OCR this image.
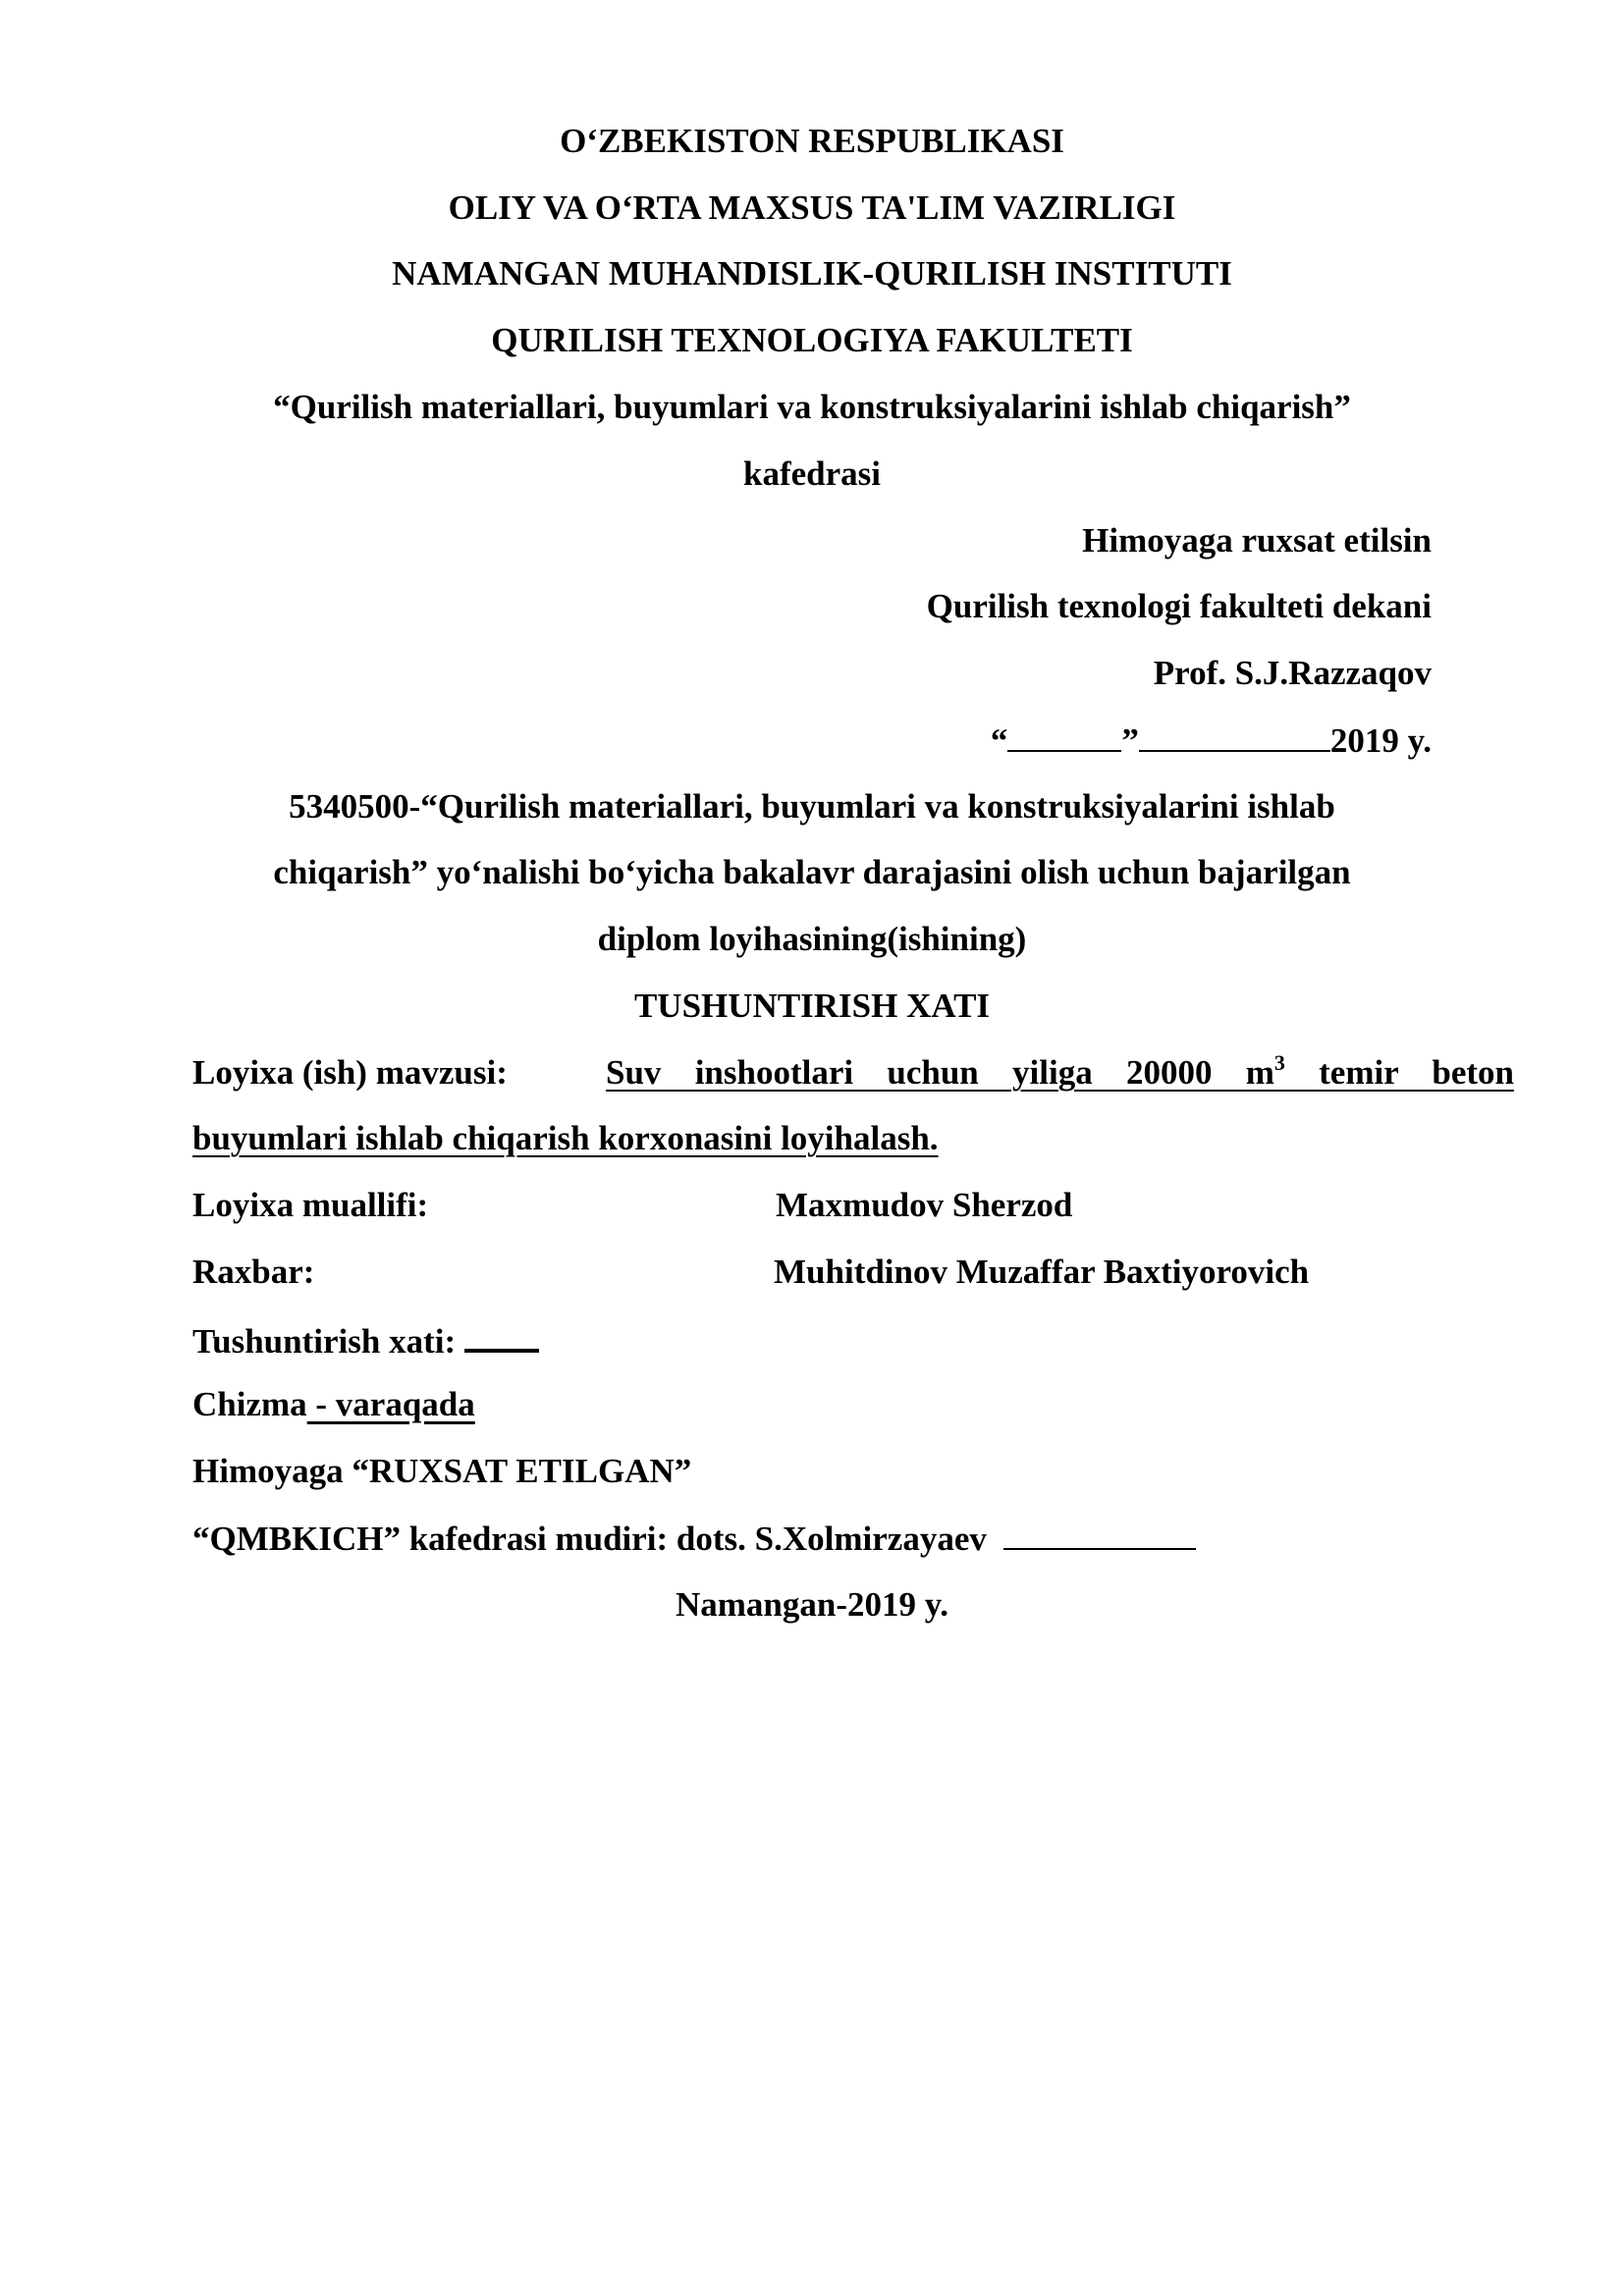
O‘ZBEKISTON RESPUBLIKASI
OLIY VA O‘RTA MAXSUS TA'LIM VAZIRLIGI
NAMANGAN MUHANDISLIK-QURILISH INSTITUTI
QURILISH TEXNOLOGIYA FAKULTETI
“Qurilish materiallari, buyumlari va konstruksiyalarini ishlab chiqarish”
kafedrasi
Himoyaga ruxsat etilsin
Qurilish texnologi fakulteti dekani
Prof. S.J.Razzaqov
“	”	2019 y.
5340500-“Qurilish materiallari, buyumlari va konstruksiyalarini ishlab
chiqarish” yo‘nalishi bo‘yicha bakalavr darajasini olish uchun bajarilgan
diplom loyihasining(ishining)
TUSHUNTIRISH XATI
Loyixa (ish) mavzusi:	Suv inshootlari uchun yiliga 20000 $m^3$ temir beton
buyumlari ishlab chiqarish korxonasini loyihalash.
Loyixa muallifi:	Maxmudov Sherzod
Raxbar:	Muhitdinov Muzaffar Baxtiyorovich
Tushuntirish xati:
Chizma - varaqada
Himoyaga “RUXSAT ETILGAN”
“QMBKICH” kafedrasi mudiri: dots. S.Xolmirzayaev
Namangan-2019 y.
